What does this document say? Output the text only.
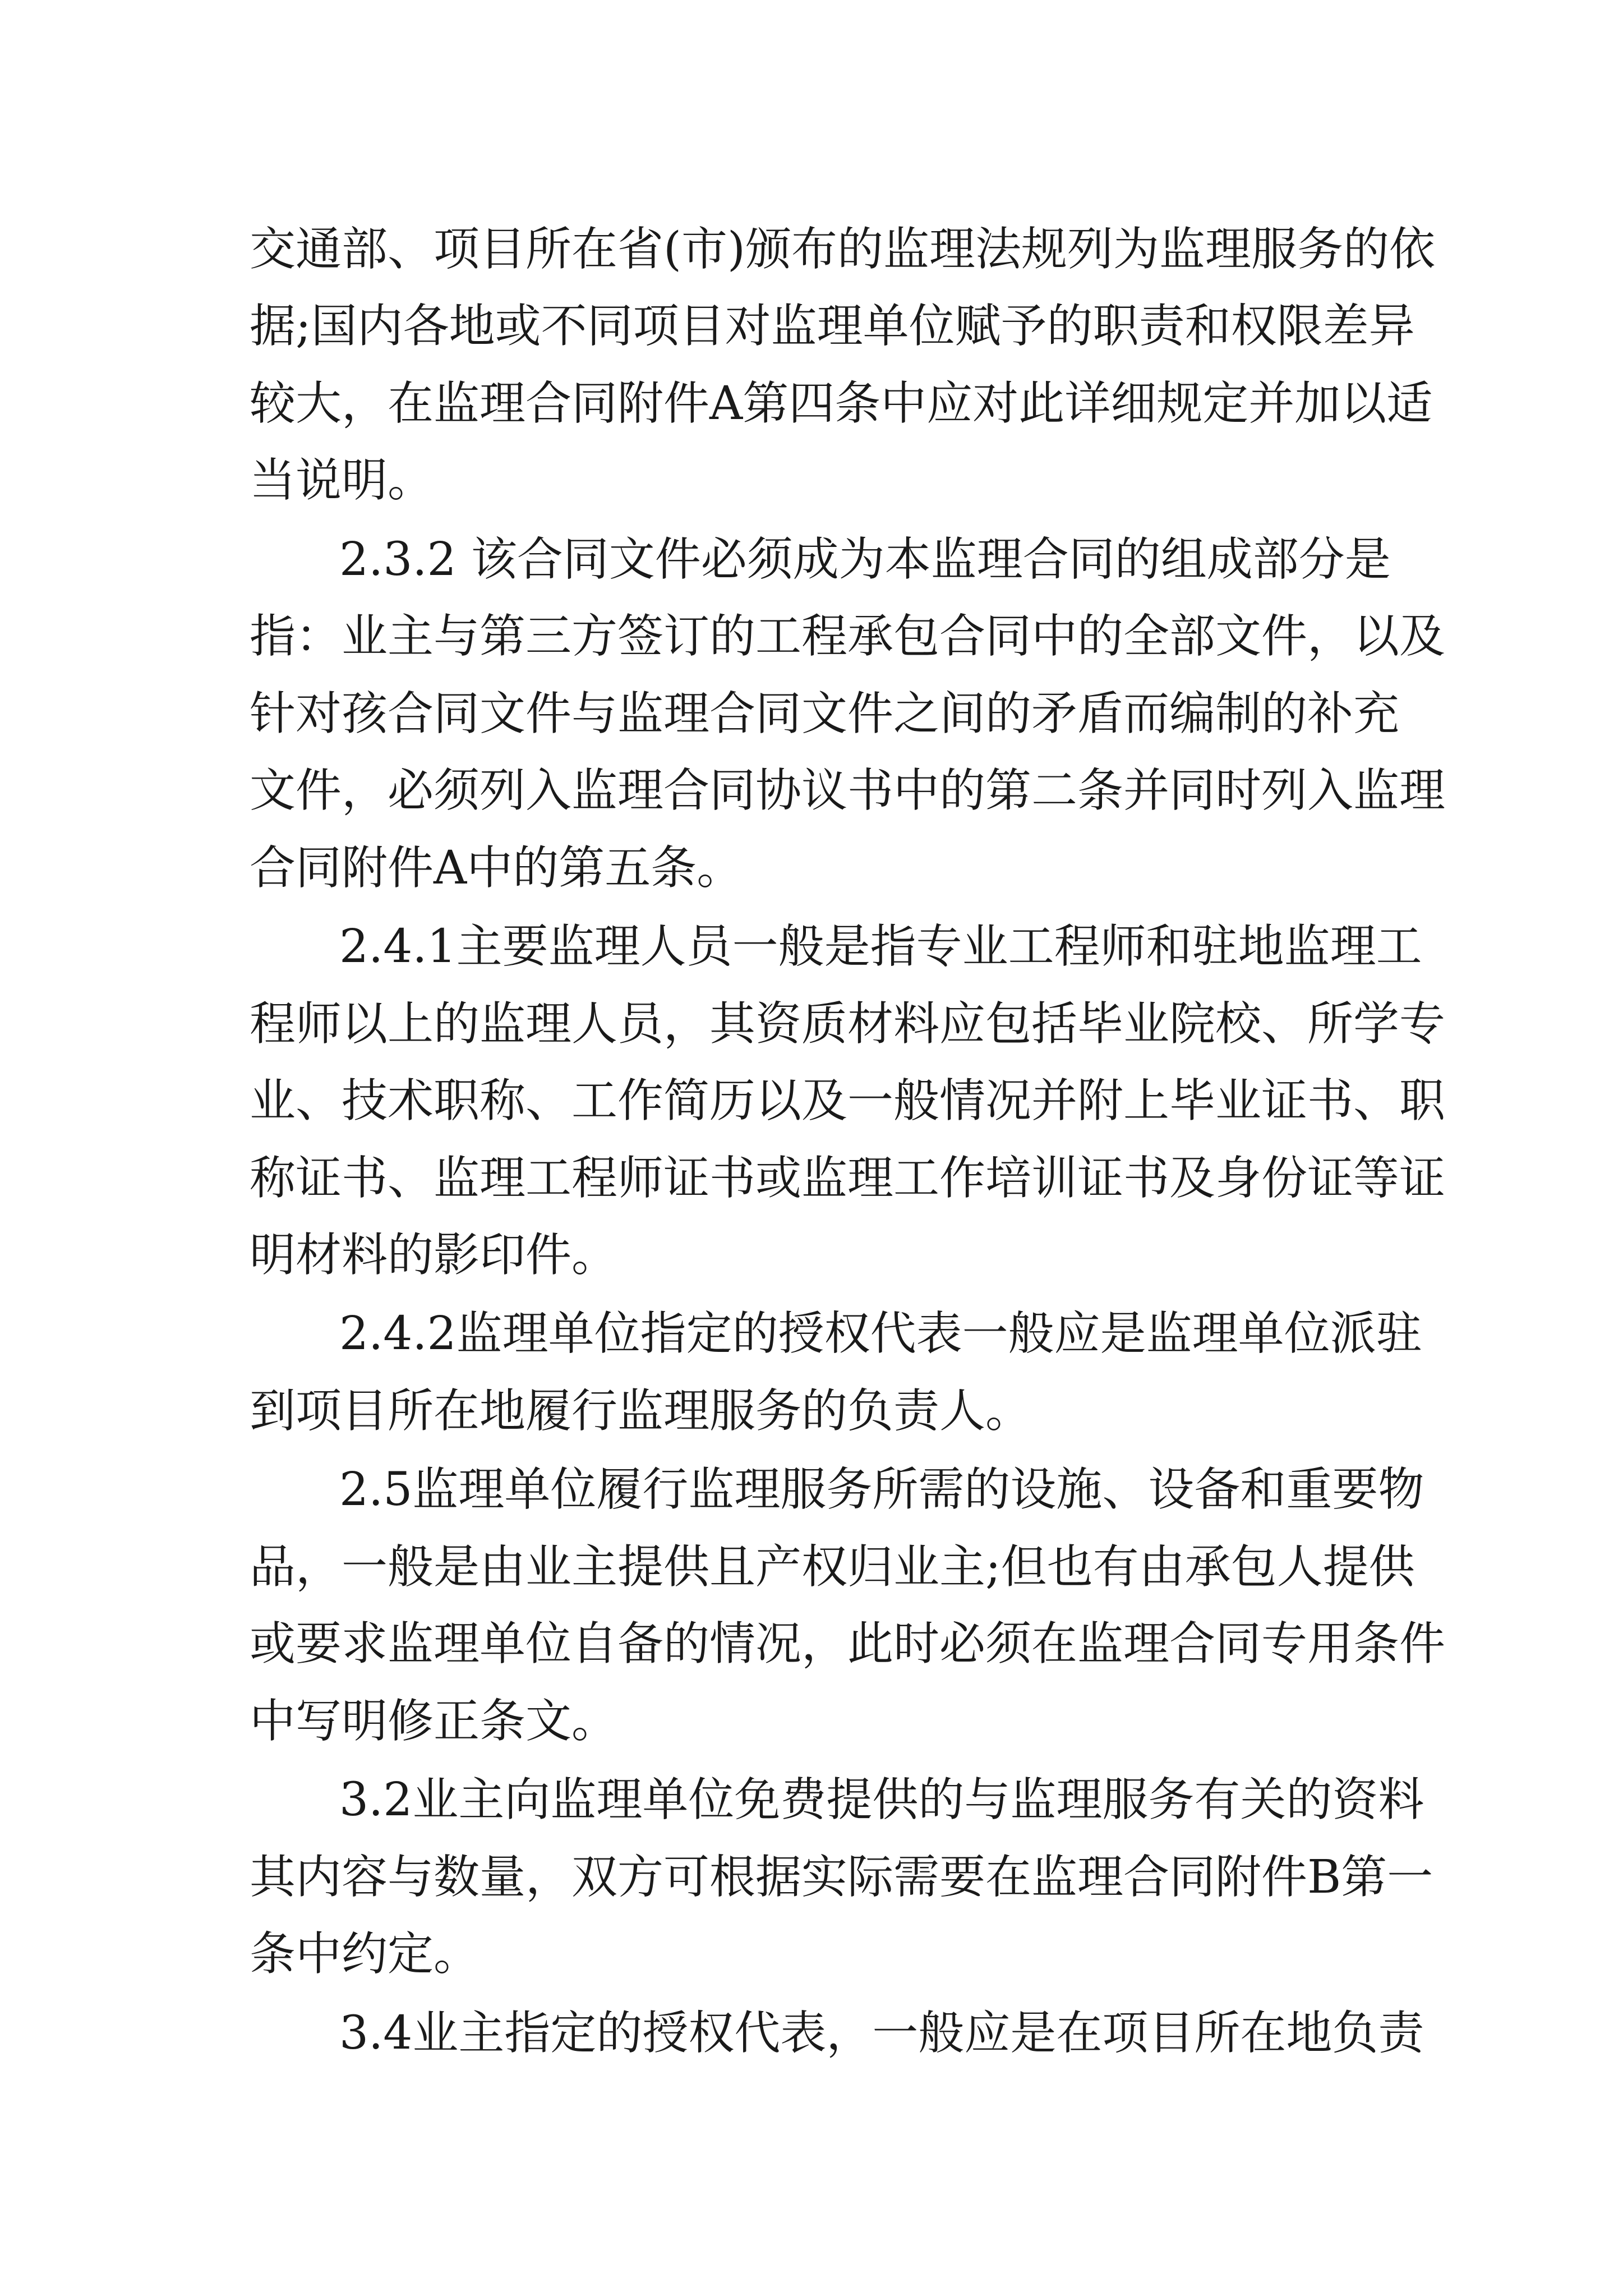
交通部、项目所在省(市)颁布的监理法规列为监理服务的依
据;国内各地或不同项目对监理单位赋予的职责和权限差异
较大，在监理合同附件A第四条中应对此详细规定并加以适
当说明。
2.3.2 该合同文件必须成为本监理合同的组成部分是
指：业主与第三方签订的工程承包合同中的全部文件，以及
针对孩合同文件与监理合同文件之间的矛盾而编制的补充
文件，必须列入监理合同协议书中的第二条并同时列入监理
合同附件A中的第五条。
2.4.1主要监理人员一般是指专业工程师和驻地监理工
程师以上的监理人员，其资质材料应包括毕业院校、所学专
业、技术职称、工作简历以及一般情况并附上毕业证书、职
称证书、监理工程师证书或监理工作培训证书及身份证等证
明材料的影印件。
2.4.2监理单位指定的授权代表一般应是监理单位派驻
到项目所在地履行监理服务的负责人。
2.5监理单位履行监理服务所需的设施、设备和重要物
品，一般是由业主提供且产权归业主;但也有由承包人提供
或要求监理单位自备的情况，此时必须在监理合同专用条件
中写明修正条文。
3.2业主向监理单位免费提供的与监理服务有关的资料
其内容与数量，双方可根据实际需要在监理合同附件B第一
条中约定。
3.4业主指定的授权代表，一般应是在项目所在地负责
